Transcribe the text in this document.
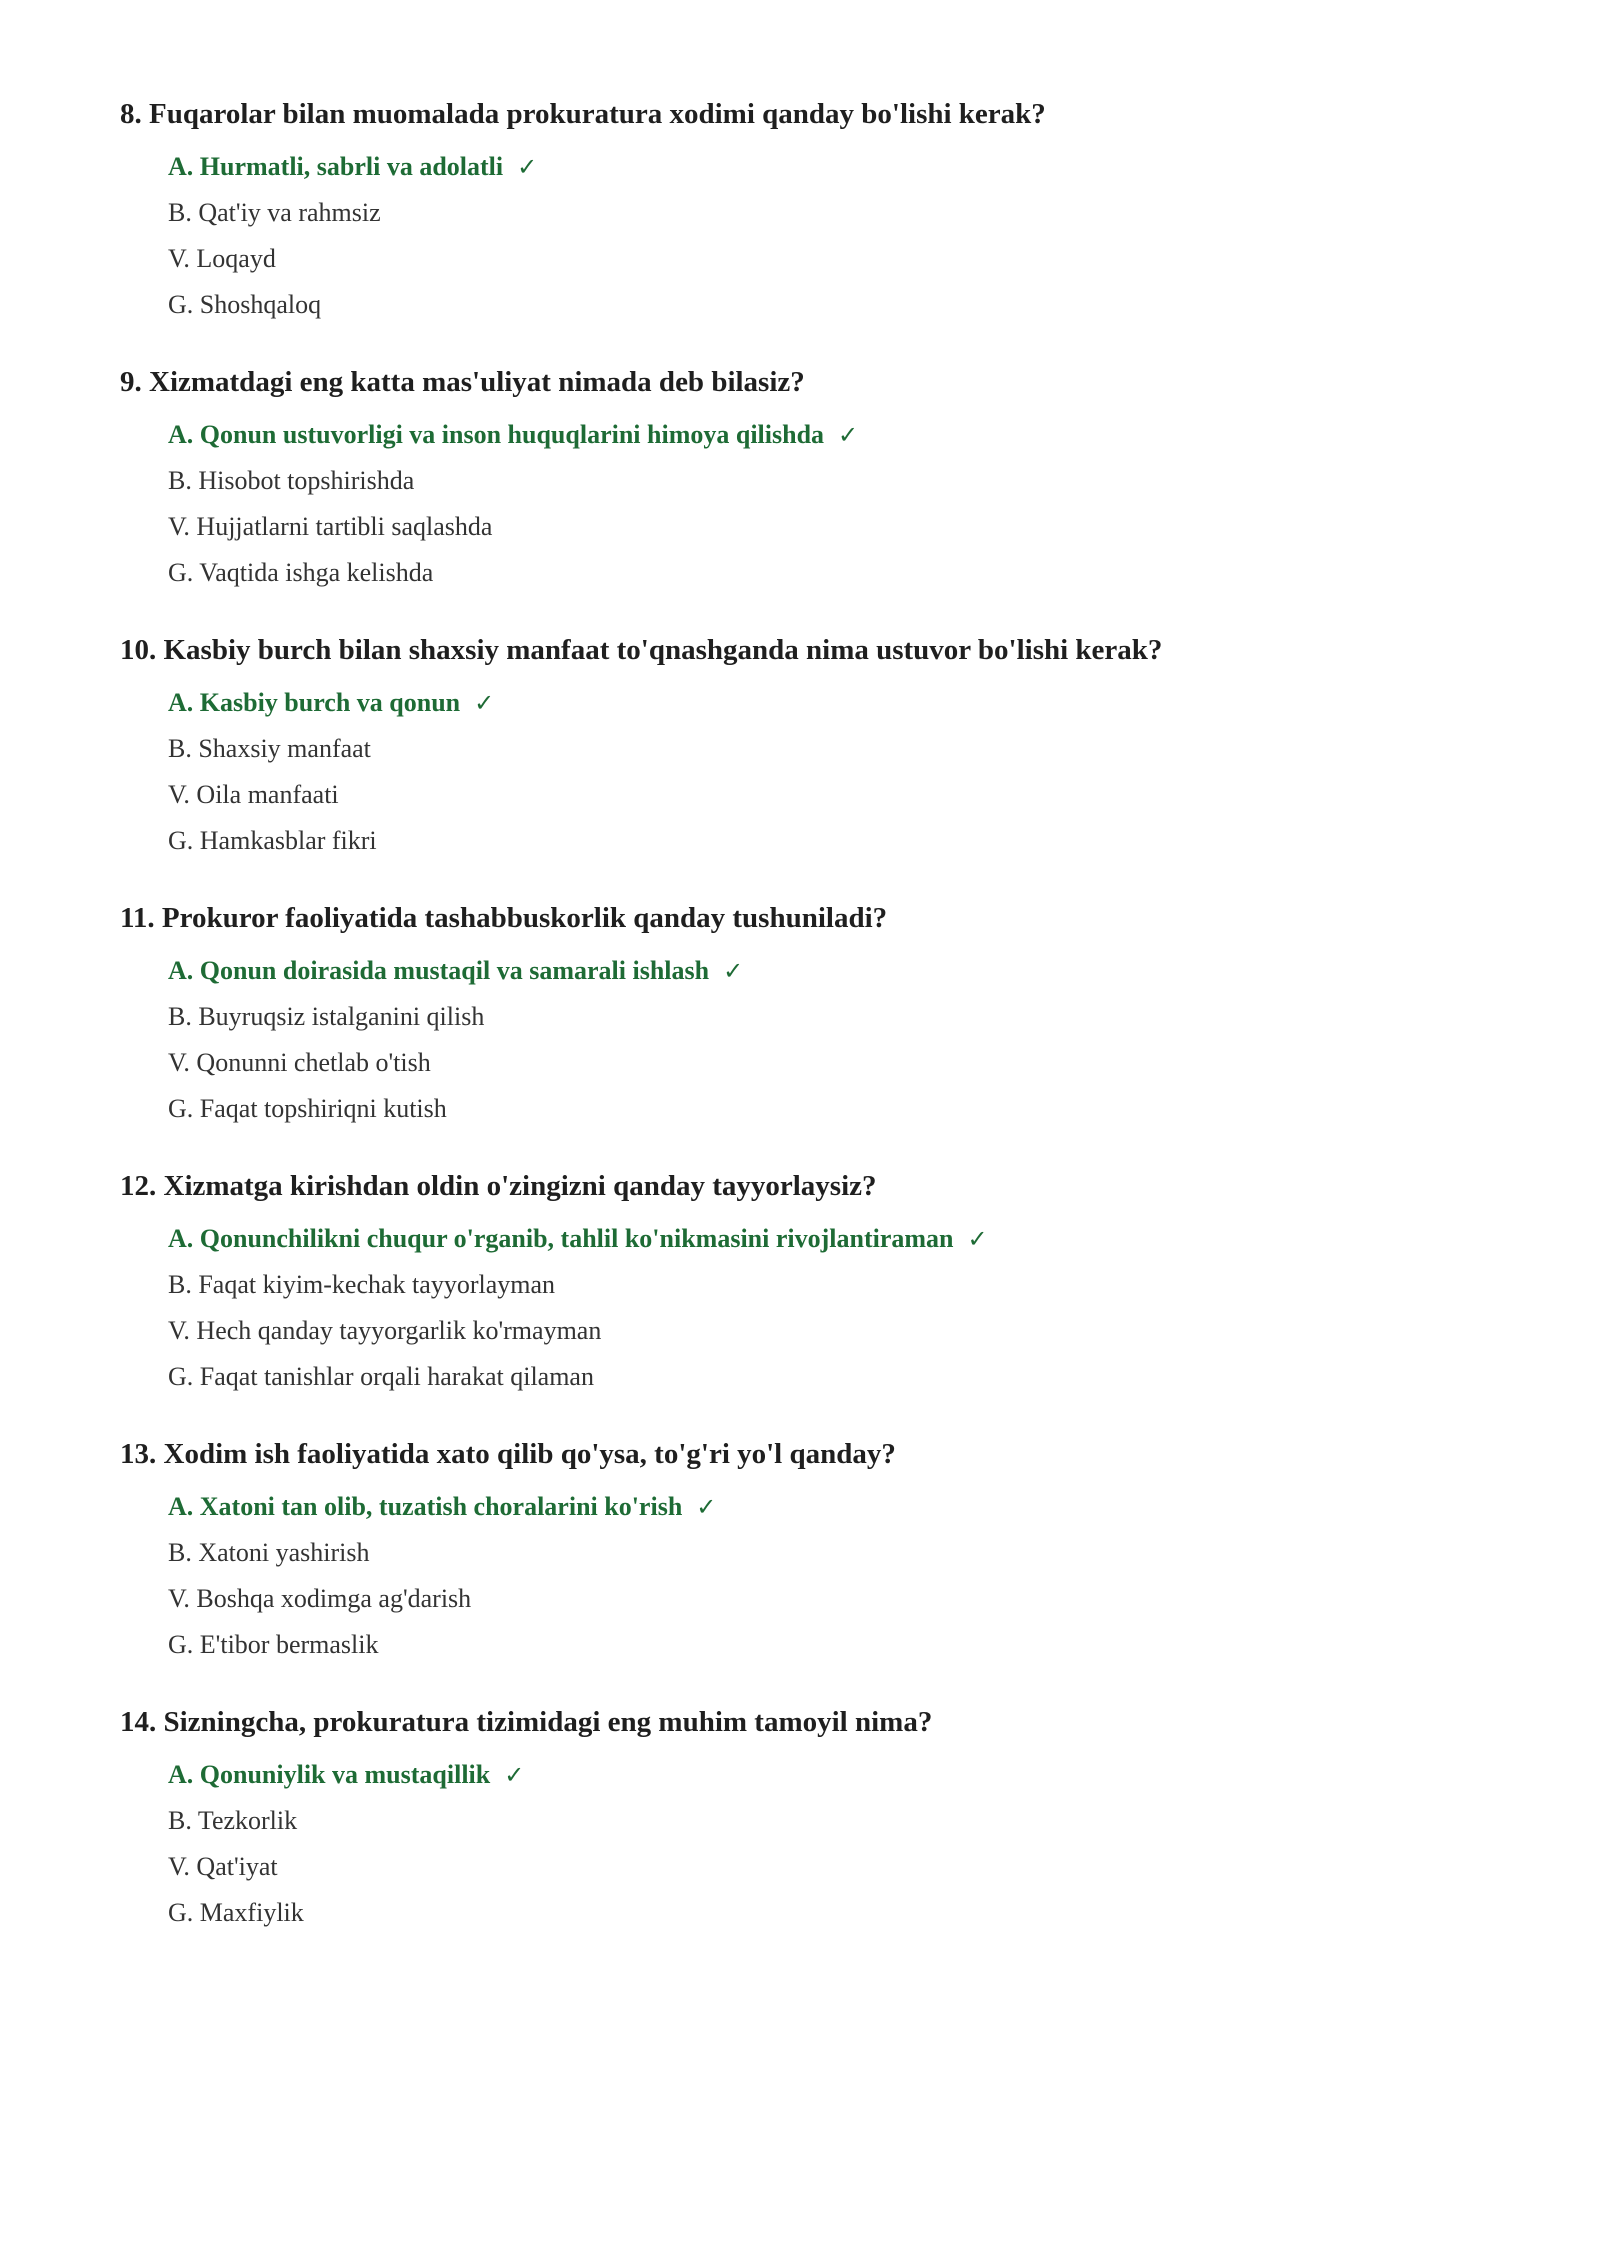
8. Fuqarolar bilan muomalada prokuratura xodimi qanday bo'lishi kerak?
A. Hurmatli, sabrli va adolatli ✓
B. Qat'iy va rahmsiz
V. Loqayd
G. Shoshqaloq
9. Xizmatdagi eng katta mas'uliyat nimada deb bilasiz?
A. Qonun ustuvorligi va inson huquqlarini himoya qilishda ✓
B. Hisobot topshirishda
V. Hujjatlarni tartibli saqlashda
G. Vaqtida ishga kelishda
10. Kasbiy burch bilan shaxsiy manfaat to'qnashganda nima ustuvor bo'lishi kerak?
A. Kasbiy burch va qonun ✓
B. Shaxsiy manfaat
V. Oila manfaati
G. Hamkasblar fikri
11. Prokuror faoliyatida tashabbuskorlik qanday tushuniladi?
A. Qonun doirasida mustaqil va samarali ishlash ✓
B. Buyruqsiz istalganini qilish
V. Qonunni chetlab o'tish
G. Faqat topshiriqni kutish
12. Xizmatga kirishdan oldin o'zingizni qanday tayyorlaysiz?
A. Qonunchilikni chuqur o'rganib, tahlil ko'nikmasini rivojlantiraman ✓
B. Faqat kiyim-kechak tayyorlayman
V. Hech qanday tayyorgarlik ko'rmayman
G. Faqat tanishlar orqali harakat qilaman
13. Xodim ish faoliyatida xato qilib qo'ysa, to'g'ri yo'l qanday?
A. Xatoni tan olib, tuzatish choralarini ko'rish ✓
B. Xatoni yashirish
V. Boshqa xodimga ag'darish
G. E'tibor bermaslik
14. Sizningcha, prokuratura tizimidagi eng muhim tamoyil nima?
A. Qonuniylik va mustaqillik ✓
B. Tezkorlik
V. Qat'iyat
G. Maxfiylik
